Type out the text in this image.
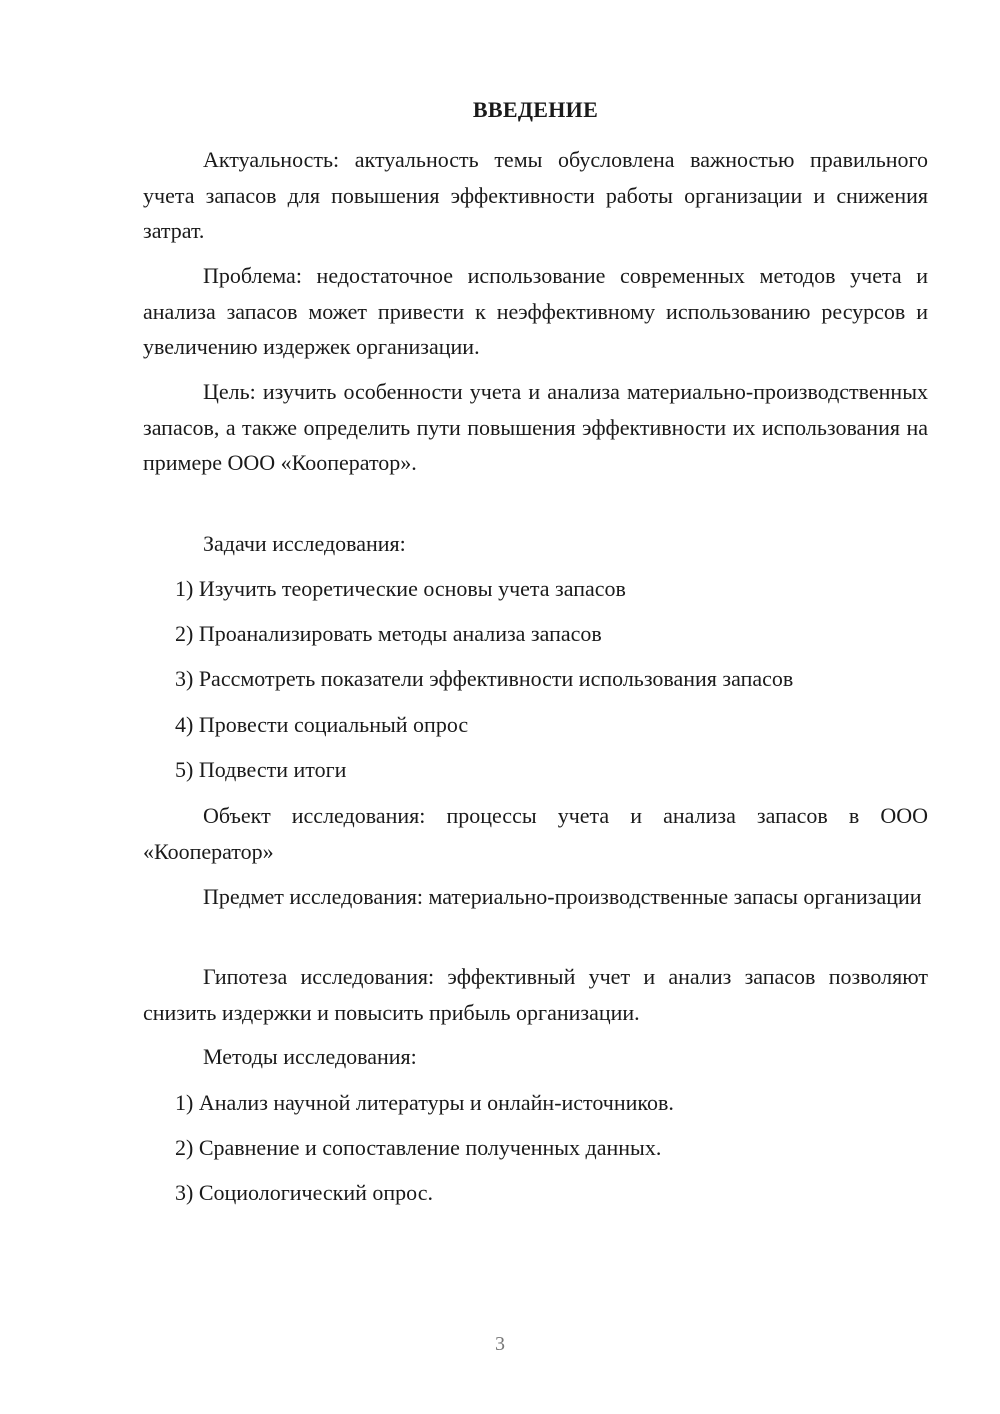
ВВЕДЕНИЕ

Актуальность: актуальность темы обусловлена важностью правильного учета запасов для повышения эффективности работы организации и снижения затрат.

Проблема: недостаточное использование современных методов учета и анализа запасов может привести к неэффективному использованию ресурсов и увеличению издержек организации.

Цель: изучить особенности учета и анализа материально-производственных запасов, а также определить пути повышения эффективности их использования на примере ООО «Кооператор».

Задачи исследования:

1) Изучить теоретические основы учета запасов

2) Проанализировать методы анализа запасов

3) Рассмотреть показатели эффективности использования запасов

4) Провести социальный опрос

5) Подвести итоги

Объект исследования: процессы учета и анализа запасов в ООО «Кооператор»

Предмет исследования: материально-производственные запасы организации

Гипотеза исследования: эффективный учет и анализ запасов позволяют снизить издержки и повысить прибыль организации.

Методы исследования:

1) Анализ научной литературы и онлайн-источников.

2) Сравнение и сопоставление полученных данных.

3) Социологический опрос.

3
